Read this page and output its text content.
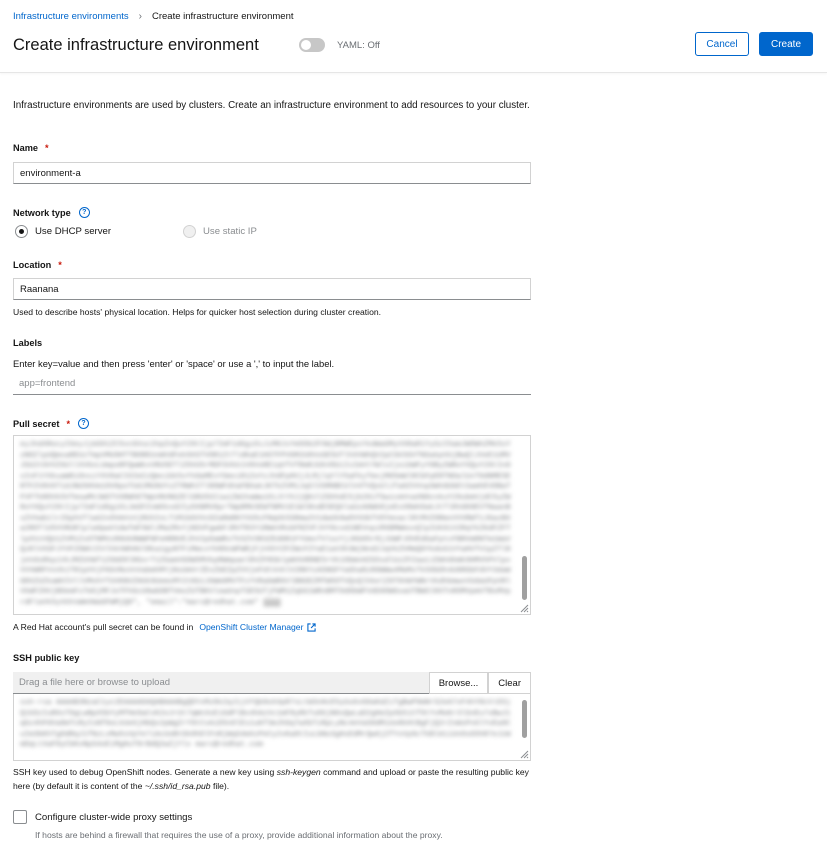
Infrastructure environments › Create infrastructure environment
Create infrastructure environment	YAML: Off	Cancel	Create
Infrastructure environments are used by clusters. Create an infrastructure environment to add resources to your cluster.
Name *
environment-a
Network type	?
Use DHCP server	Use static IP
Location *
Raanana
Used to describe hosts' physical location. Helps for quicker host selection during cluster creation.
Labels
Enter key=value and then press 'enter' or 'space' or use a ',' to input the label.
app=frontend
Pull secret *	?
eyJhdXRocyI6eyJjbG91ZC5vcGVuc2hpZnQuY29tIjp7ImF1dGgiOiJiM0JsYm5Ob2FXWjBMWEpsYkdWaGMyVXRaR1YySzI5amJWOWhZMk5sYzNOZlpUQmxaREUzTmpVMU9HTTBOREUxWVdFek9XSTVOR1ZtTldKaE1HSTFPVGM2U0VoSE5UTlhXVWhQV2pCSk5GVTNSakpVUjBwQlJVeE1UMVJSU2tGVVZ6UllXVGxLUmpoRFQwWkxVRU5ETlZOVU5rMDFSVkk1V0VoRE1qVTVTRmRJUkVOUiIsImVtYWlsIjoibWFyY0ByZWRoYXQuY29tIn0sInF1YXkuaW8iOnsiYXV0aCI6ImIzQmxibk5vYVdaMExYSmxiR1ZoYzJVdFpHVjJLMjlqYlY5aFkyTmxjM05mWlRCbFpERTNOalUxT0dNME5ERTFZV0V6T1dJNU5HVm1OV0poTUdJMU9UYzZTRWhITlROWFdVaFBXakJKTkZVM1JqSlVSMHBCUlV4TVQxUlJTa0ZVVnpSWVdUbEtSamhEVDBaTFVFTkROVk5VTmswMVJWSTVXRWhETWpVNVNGZElSRU5SIiwiZW1haWwiOiJtYXJjQHJlZGhhdC5jb20ifSwicmVnaXN0cnkuY29ubmVjdC5yZWRoYXQuY29tIjp7ImF1dGgiOiJmSFZvWXkxd2IyOXNMV0prTWpRMk5EWTNMV1E1WlRndE5EQXlaUzA0WkRjeExXRmhOakJtTlRVd09EVTNaanBsZVVwb1lrZGphVTlwU2xOVmVsVjRUV2xLT1M1bGVVcDZaRmRKYVU5cFNqUk5SRmw2V1dwUk0wOVVUbTVOYmxaclRtMVZORmxVVVRWT1JGazBXa2ROTlU5VVRURlpla0pwV1dwTmFXWlJMa2MxYjNSVFgwbFJRVTR3Y1RWeVRsbFRZVFJVY0cxd1NEVnpiMXBMWmsxQlpIUk9iV2RqYkZKdFZFTlpXVzVQU1ZVM1ZsOTNMVzR0UkRWWFNFeHRNVEJhV2pOaWRsTk5ZV3R3ZEd0R1FYUmxTVlozYjJKb05rRjJUWFJOVEdGaFptcFBRVmRNTm1WaVQzRlVXSFJYVFZOWVJIVlhkVWhHUlRka1gyNTFiMmcxYkROcWFWRjFjVXhYZFZWcFZYaE1aV3h3WjNnd2JqVkZhMmQ0YkdoS1VYaHVTV1pZTlRjeVdsRkpiVkJMZUVWT1Z6bERlRGxrT1ZGamVGOW5MVkpRWmpaelRVZFRSblpWVkRRNE5rVk1ObWxHZG5sdlUzZFZaa1JZWVdkWk9HMVhPVlpvVVVWRFVsVk1TR1pVVjFKbVNsVnVabmhMYjNsUmVrZExZbEZpZVVjeFdtVnhlV2RKYzA5NGFYaGhaRzR0WWw4MmMxTk5ObDh4U0RGbFdVY3daWGRXZUZkaWVIVllVMnhYTUVKNVZHUk9UemxMY2tKb1J6Wm9MVTFzYVRabWR6VlBNSEZMTW5OTVQxQlhkelZ0T0VWYWNrVkdhbmwxVUdaUFpVRlVkWFZHVjBOemFsTm5jMFJoTFhGcU0wbDBTVmxZUTBKVlowUnpTSE5UTjFWM1ZqbG1WRnBMT0d0bWFVdG9OWGxaUTBWSlRXTnROMVpmVTBsMVprdFlaVk5yVUVsWmVWaGFWMjQ0", "email":"marc@redhat.com" ...
A Red Hat account's pull secret can be found in OpenShift Cluster Manager
SSH public key
Drag a file here or browse to upload	Browse...	Clear
ssh-rsa AAAAB3NzaC1yc2EAAAADAQABAAABgQDYxMz8k2qJ1jVfQb9oX4pR7sLtW3nHcE5yUu6vG0aKdZiTgBwP9mNrS2eA7xF4hY8cVlO3jQ1kDzIuR6sT0gLwNpX5bYyMfHe9aCvK2oJrUt7qWn3sEiGdPlBx4hAzVc1mF8yRkTuO6jN0sQwLaD2gHeZpXb5iCf9tYvMoKr3lSnEu7xBwJ1qGz4hPdVa8mTcRyIsNf0oLkUe6jHbQx2pWgZrY9tCvAiD5nOlEs1uKf3mJhGq7wXbTzRpLyNc4eVaS0dMiUo8kHtBgFjQ2rZxWsPn6lYvEa9CuIm3bKhTgOdRqJ1fNzLxMw5sVpYe7iAcUoBtGk0hDlFnRjWqS4mXzPeCy2vKa8tIuLbNo3gHsEdMrQw6jZfYxVp9cTkBlA1iUnOsG5hR7eJzWmDqLtXaF0yCbKvNpS4oEiMgHuT8rBdQ2wZjYlx marc@redhat.com
SSH key used to debug OpenShift nodes. Generate a new key using ssh-keygen command and upload or paste the resulting public key here (by default it is content of the ~/.ssh/id_rsa.pub file).
Configure cluster-wide proxy settings
If hosts are behind a firewall that requires the use of a proxy, provide additional information about the proxy.
